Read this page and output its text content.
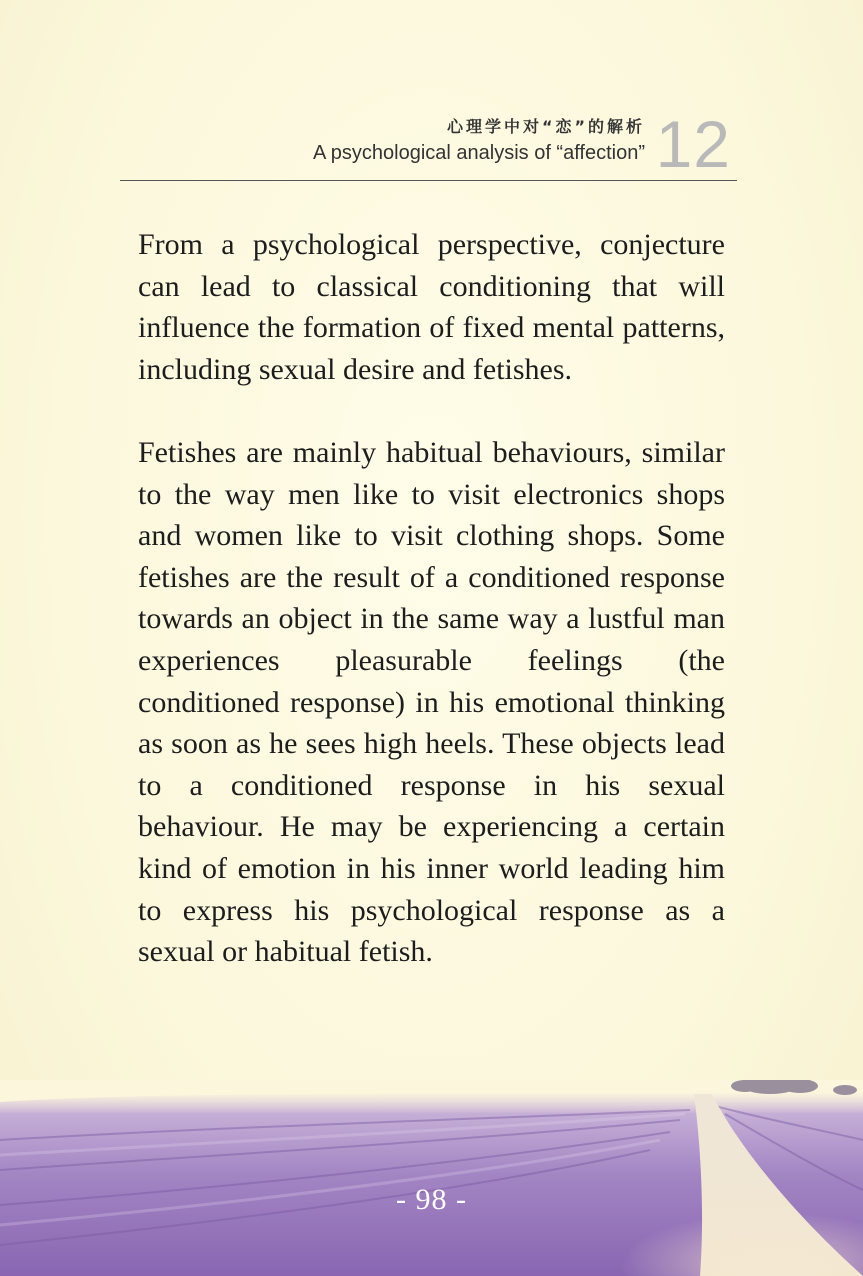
心理学中对“恋”的解析
A psychological analysis of “affection” 12

From a psychological perspective, conjecture can lead to classical conditioning that will influence the formation of fixed mental patterns, including sexual desire and fetishes.

Fetishes are mainly habitual behaviours, similar to the way men like to visit electronics shops and women like to visit clothing shops. Some fetishes are the result of a conditioned response towards an object in the same way a lustful man experiences pleasurable feelings (the conditioned response) in his emotional thinking as soon as he sees high heels. These objects lead to a conditioned response in his sexual behaviour. He may be experiencing a certain kind of emotion in his inner world leading him to express his psychological response as a sexual or habitual fetish.

- 98 -
